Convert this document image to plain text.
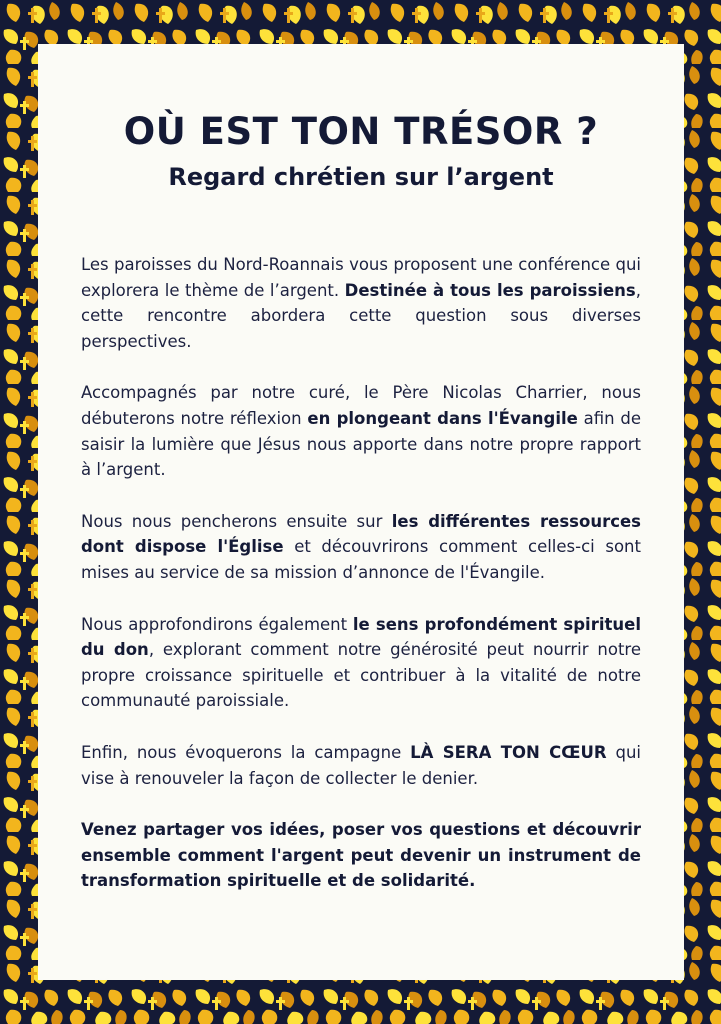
OÙ EST TON TRÉSOR ?
Regard chrétien sur l’argent

Les paroisses du Nord-Roannais vous proposent une conférence qui explorera le thème de l’argent. Destinée à tous les paroissiens, cette rencontre abordera cette question sous diverses perspectives.

Accompagnés par notre curé, le Père Nicolas Charrier, nous débuterons notre réflexion en plongeant dans l'Évangile afin de saisir la lumière que Jésus nous apporte dans notre propre rapport à l’argent.

Nous nous pencherons ensuite sur les différentes ressources dont dispose l'Église et découvrirons comment celles-ci sont mises au service de sa mission d’annonce de l'Évangile.

Nous approfondirons également le sens profondément spirituel du don, explorant comment notre générosité peut nourrir notre propre croissance spirituelle et contribuer à la vitalité de notre communauté paroissiale.

Enfin, nous évoquerons la campagne LÀ SERA TON CŒUR qui vise à renouveler la façon de collecter le denier.

Venez partager vos idées, poser vos questions et découvrir ensemble comment l'argent peut devenir un instrument de transformation spirituelle et de solidarité.
